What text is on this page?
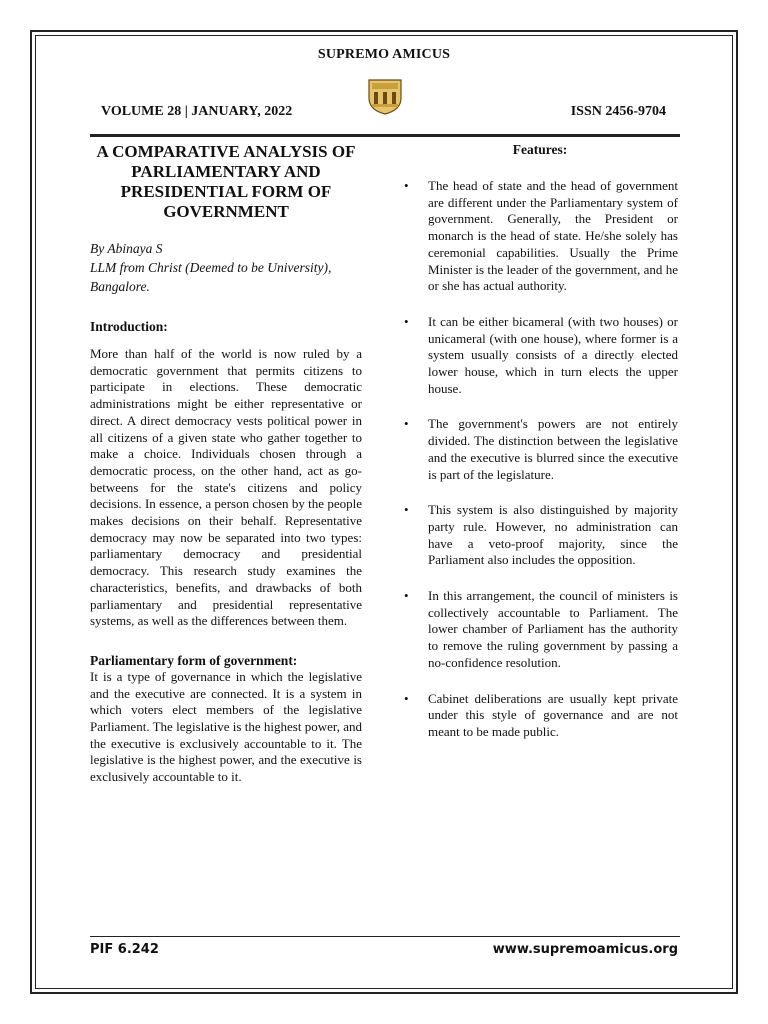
SUPREMO AMICUS
VOLUME 28 | JANUARY, 2022	ISSN 2456-9704
A COMPARATIVE ANALYSIS OF PARLIAMENTARY AND PRESIDENTIAL FORM OF GOVERNMENT
By Abinaya S
LLM from Christ (Deemed to be University),
Bangalore.
Introduction:

More than half of the world is now ruled by a democratic government that permits citizens to participate in elections. These democratic administrations might be either representative or direct. A direct democracy vests political power in all citizens of a given state who gather together to make a choice. Individuals chosen through a democratic process, on the other hand, act as go-betweens for the state's citizens and policy decisions. In essence, a person chosen by the people makes decisions on their behalf. Representative democracy may now be separated into two types: parliamentary democracy and presidential democracy. This research study examines the characteristics, benefits, and drawbacks of both parliamentary and presidential representative systems, as well as the differences between them.

Parliamentary form of government:

It is a type of governance in which the legislative and the executive are connected. It is a system in which voters elect members of the legislative Parliament. The legislative is the highest power, and the executive is exclusively accountable to it. The legislative is the highest power, and the executive is exclusively accountable to it.

Features:
• The head of state and the head of government are different under the Parliamentary system of government. Generally, the President or monarch is the head of state. He/she solely has ceremonial capabilities. Usually the Prime Minister is the leader of the government, and he or she has actual authority.
• It can be either bicameral (with two houses) or unicameral (with one house), where former is a system usually consists of a directly elected lower house, which in turn elects the upper house.
• The government's powers are not entirely divided. The distinction between the legislative and the executive is blurred since the executive is part of the legislature.
• This system is also distinguished by majority party rule. However, no administration can have a veto-proof majority, since the Parliament also includes the opposition.
• In this arrangement, the council of ministers is collectively accountable to Parliament. The lower chamber of Parliament has the authority to remove the ruling government by passing a no-confidence resolution.
• Cabinet deliberations are usually kept private under this style of governance and are not meant to be made public.
PIF 6.242	www.supremoamicus.org
